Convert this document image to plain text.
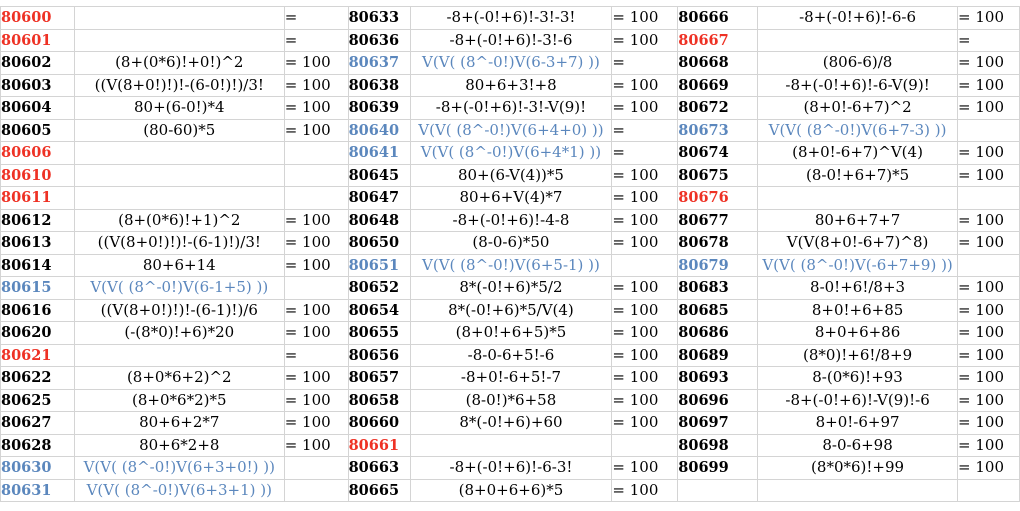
80600		=	80633	-8+(-0!+6)!-3!-3!	= 100	80666	-8+(-0!+6)!-6-6	= 100
80601		=	80636	-8+(-0!+6)!-3!-6	= 100	80667		=
80602	(8+(0*6)!+0!)^2	= 100	80637	V(V( (8^-0!)V(6-3+7) ))	=	80668	(806-6)/8	= 100
80603	((V(8+0!)!)!-(6-0!)!)/3!	= 100	80638	80+6+3!+8	= 100	80669	-8+(-0!+6)!-6-V(9)!	= 100
80604	80+(6-0!)*4	= 100	80639	-8+(-0!+6)!-3!-V(9)!	= 100	80672	(8+0!-6+7)^2	= 100
80605	(80-60)*5	= 100	80640	V(V( (8^-0!)V(6+4+0) ))	=	80673	V(V( (8^-0!)V(6+7-3) ))	
80606			80641	V(V( (8^-0!)V(6+4*1) ))	=	80674	(8+0!-6+7)^V(4)	= 100
80610			80645	80+(6-V(4))*5	= 100	80675	(8-0!+6+7)*5	= 100
80611			80647	80+6+V(4)*7	= 100	80676		
80612	(8+(0*6)!+1)^2	= 100	80648	-8+(-0!+6)!-4-8	= 100	80677	80+6+7+7	= 100
80613	((V(8+0!)!)!-(6-1)!)/3!	= 100	80650	(8-0-6)*50	= 100	80678	V(V(8+0!-6+7)^8)	= 100
80614	80+6+14	= 100	80651	V(V( (8^-0!)V(6+5-1) ))		80679	V(V( (8^-0!)V(-6+7+9) ))	
80615	V(V( (8^-0!)V(6-1+5) ))		80652	8*(-0!+6)*5/2	= 100	80683	8-0!+6!/8+3	= 100
80616	((V(8+0!)!)!-(6-1)!)/6	= 100	80654	8*(-0!+6)*5/V(4)	= 100	80685	8+0!+6+85	= 100
80620	(-(8*0)!+6)*20	= 100	80655	(8+0!+6+5)*5	= 100	80686	8+0+6+86	= 100
80621		=	80656	-8-0-6+5!-6	= 100	80689	(8*0)!+6!/8+9	= 100
80622	(8+0*6+2)^2	= 100	80657	-8+0!-6+5!-7	= 100	80693	8-(0*6)!+93	= 100
80625	(8+0*6*2)*5	= 100	80658	(8-0!)*6+58	= 100	80696	-8+(-0!+6)!-V(9)!-6	= 100
80627	80+6+2*7	= 100	80660	8*(-0!+6)+60	= 100	80697	8+0!-6+97	= 100
80628	80+6*2+8	= 100	80661			80698	8-0-6+98	= 100
80630	V(V( (8^-0!)V(6+3+0!) ))		80663	-8+(-0!+6)!-6-3!	= 100	80699	(8*0*6)!+99	= 100
80631	V(V( (8^-0!)V(6+3+1) ))		80665	(8+0+6+6)*5	= 100			
